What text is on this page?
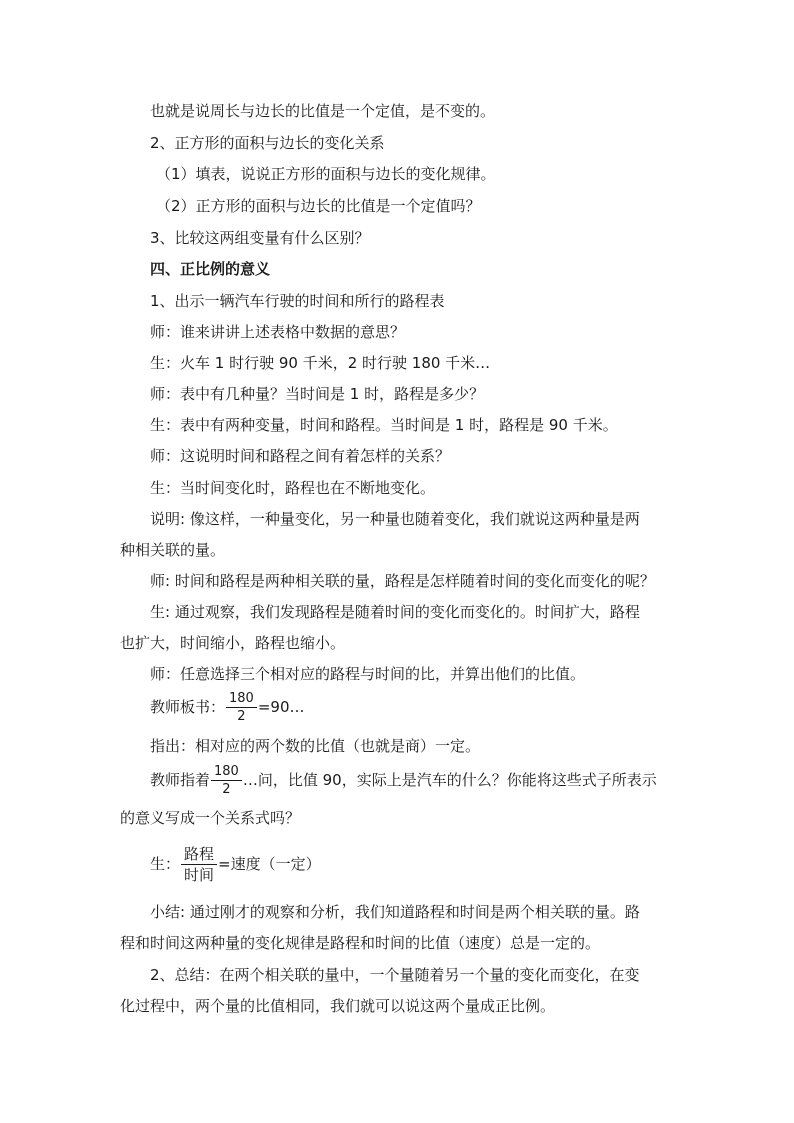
也就是说周长与边长的比值是一个定值，是不变的。
2、正方形的面积与边长的变化关系
（1）填表，说说正方形的面积与边长的变化规律。
（2）正方形的面积与边长的比值是一个定值吗？
3、比较这两组变量有什么区别？
四、正比例的意义
1、出示一辆汽车行驶的时间和所行的路程表
师：谁来讲讲上述表格中数据的意思？
生：火车 1 时行驶 90 千米，2 时行驶 180 千米…
师：表中有几种量？当时间是 1 时，路程是多少？
生：表中有两种变量，时间和路程。当时间是 1 时，路程是 90 千米。
师：这说明时间和路程之间有着怎样的关系？
生：当时间变化时，路程也在不断地变化。
说明: 像这样，一种量变化，另一种量也随着变化，我们就说这两种量是两
种相关联的量。
师: 时间和路程是两种相关联的量，路程是怎样随着时间的变化而变化的呢？
生: 通过观察，我们发现路程是随着时间的变化而变化的。时间扩大，路程
也扩大，时间缩小，路程也缩小。
师：任意选择三个相对应的路程与时间的比，并算出他们的比值。
教师板书： $\frac{180}{2}$ =90…
指出：相对应的两个数的比值（也就是商）一定。
教师指着 $\frac{180}{2}$ …问，比值 90，实际上是汽车的什么？你能将这些式子所表示
的意义写成一个关系式吗？
生： $\frac{\text{路程}}{\text{时间}}$ =速度（一定）
小结: 通过刚才的观察和分析，我们知道路程和时间是两个相关联的量。路
程和时间这两种量的变化规律是路程和时间的比值（速度）总是一定的。
2、总结：在两个相关联的量中，一个量随着另一个量的变化而变化，在变
化过程中，两个量的比值相同，我们就可以说这两个量成正比例。
